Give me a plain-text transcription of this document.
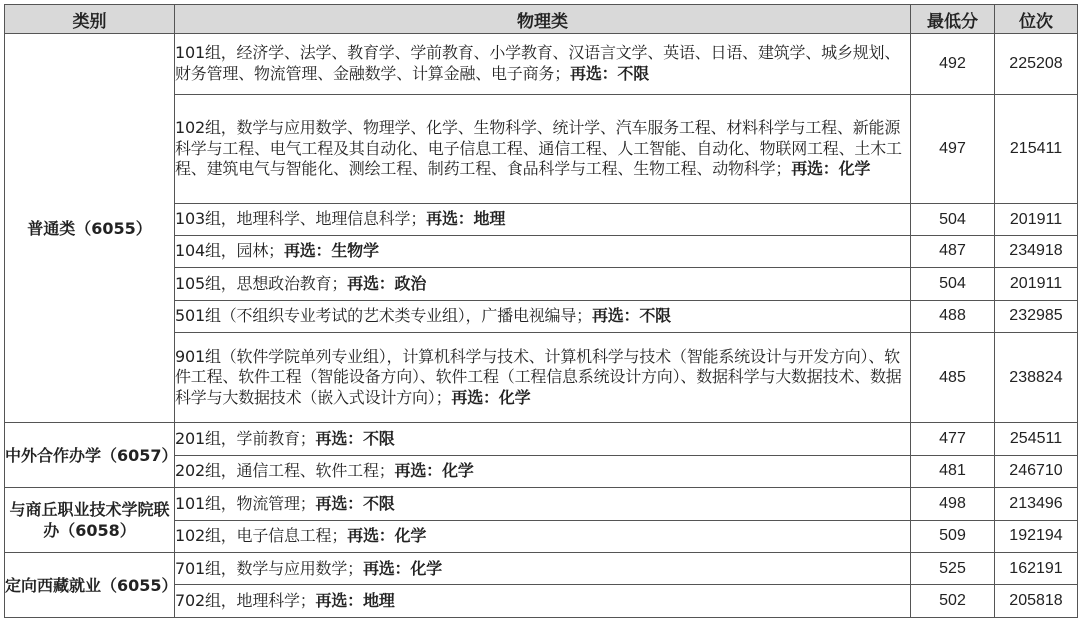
类别	物理类	最低分	位次
普通类（6055）	101组，经济学、法学、教育学、学前教育、小学教育、汉语言文学、英语、日语、建筑学、城乡规划、财务管理、物流管理、金融数学、计算金融、电子商务；再选：不限	492	225208
	102组，数学与应用数学、物理学、化学、生物科学、统计学、汽车服务工程、材料科学与工程、新能源科学与工程、电气工程及其自动化、电子信息工程、通信工程、人工智能、自动化、物联网工程、土木工程、建筑电气与智能化、测绘工程、制药工程、食品科学与工程、生物工程、动物科学；再选：化学	497	215411
	103组，地理科学、地理信息科学；再选：地理	504	201911
	104组，园林；再选：生物学	487	234918
	105组，思想政治教育；再选：政治	504	201911
	501组（不组织专业考试的艺术类专业组），广播电视编导；再选：不限	488	232985
	901组（软件学院单列专业组），计算机科学与技术、计算机科学与技术（智能系统设计与开发方向）、软件工程、软件工程（智能设备方向）、软件工程（工程信息系统设计方向）、数据科学与大数据技术、数据科学与大数据技术（嵌入式设计方向）；再选：化学	485	238824
中外合作办学（6057）	201组，学前教育；再选：不限	477	254511
	202组，通信工程、软件工程；再选：化学	481	246710
与商丘职业技术学院联办（6058）	101组，物流管理；再选：不限	498	213496
	102组，电子信息工程；再选：化学	509	192194
定向西藏就业（6055）	701组，数学与应用数学；再选：化学	525	162191
	702组，地理科学；再选：地理	502	205818
